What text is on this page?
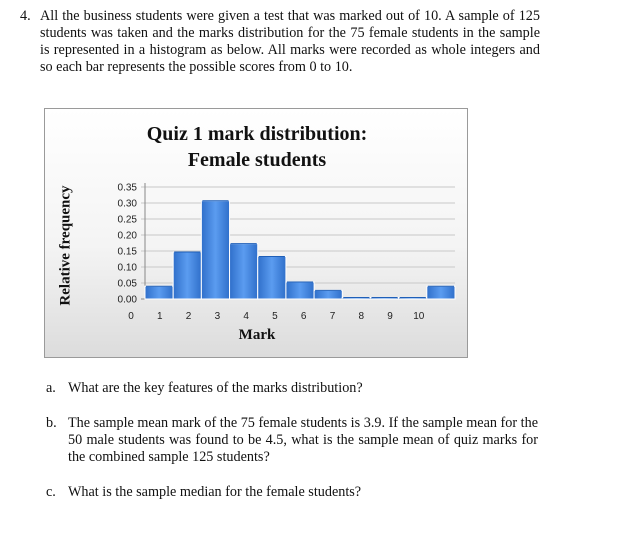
4. All the business students were given a test that was marked out of 10. A sample of 125 students was taken and the marks distribution for the 75 female students in the sample is represented in a histogram as below. All marks were recorded as whole integers and so each bar represents the possible scores from 0 to 10.
Quiz 1 mark distribution:
Female students
Relative frequency	0.00
0.05
0.10
0.15
0.20
0.25
0.30
0.35
0 1 2 3 4 5 6 7 8 9 10
Mark
a. What are the key features of the marks distribution?
b. The sample mean mark of the 75 female students is 3.9. If the sample mean for the 50 male students was found to be 4.5, what is the sample mean of quiz marks for the combined sample 125 students?
c. What is the sample median for the female students?
